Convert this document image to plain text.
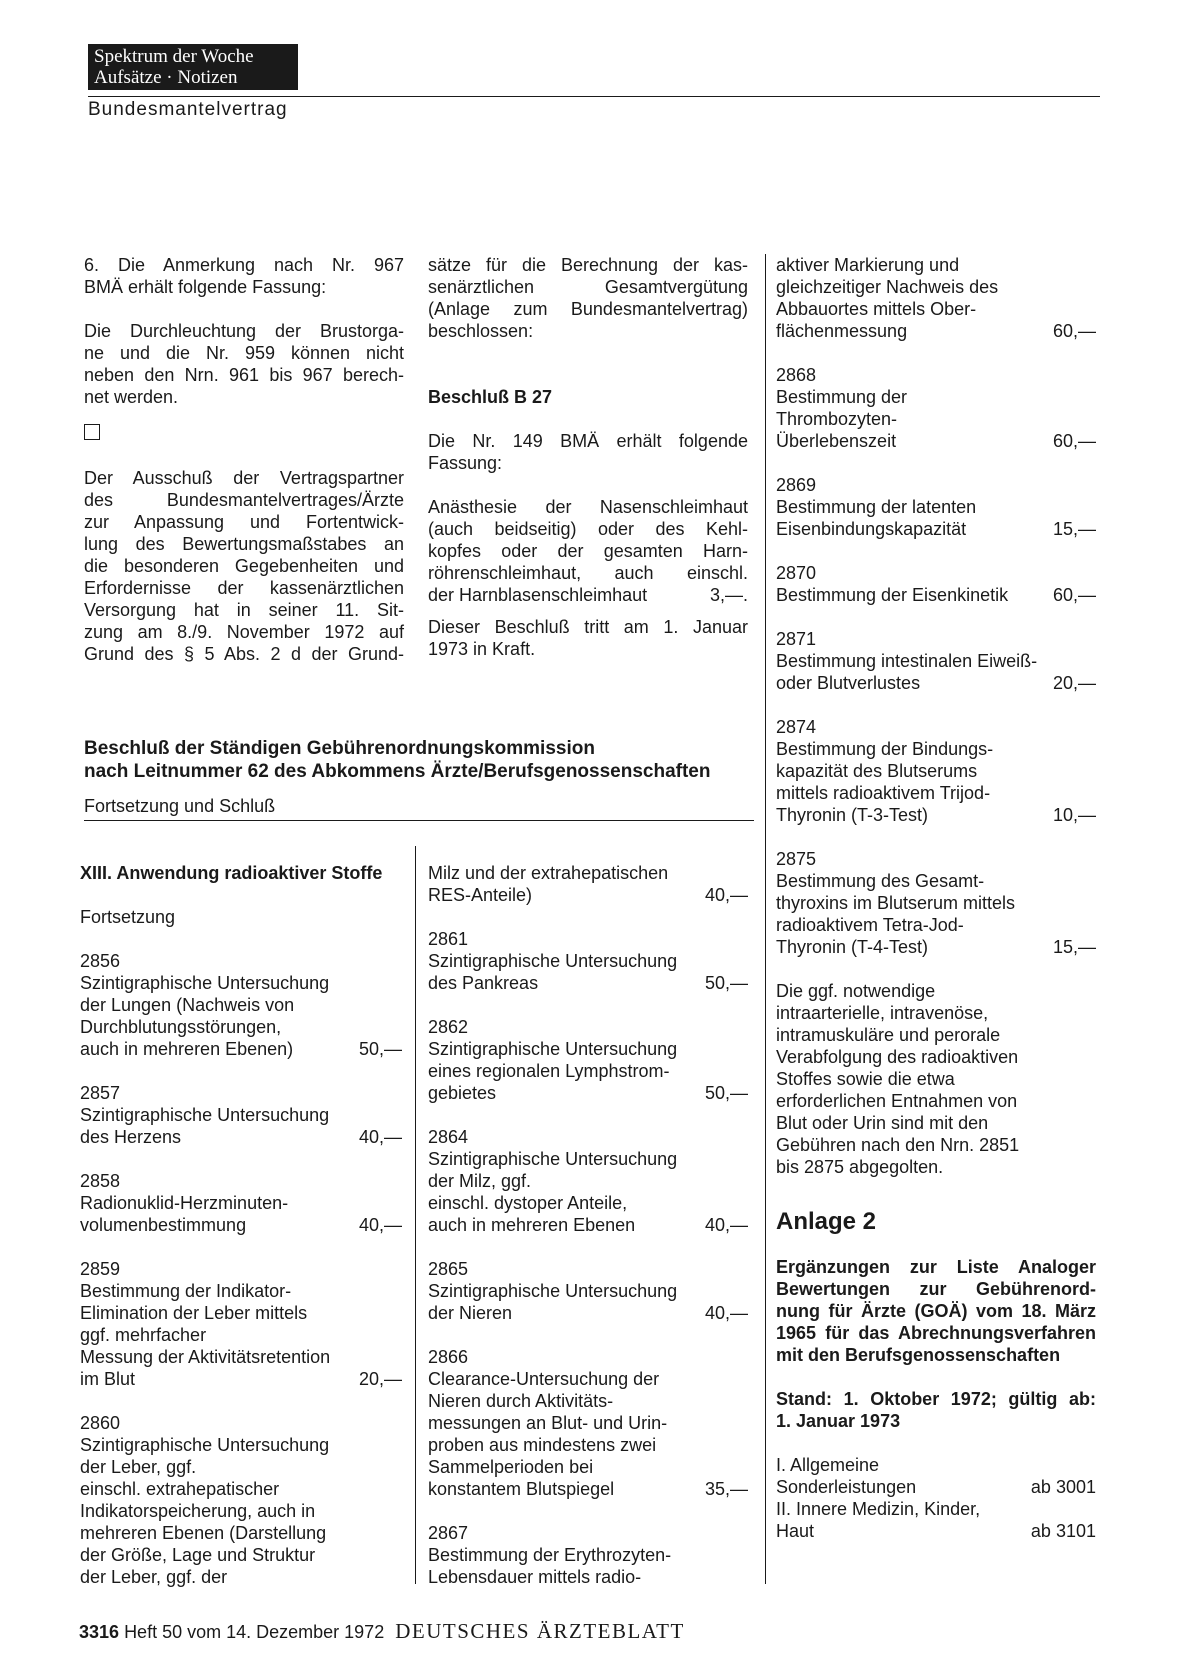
Spektrum der Woche
Aufsätze · Notizen
Bundesmantelvertrag

6. Die Anmerkung nach Nr. 967

BMÄ erhält folgende Fassung:

Die Durchleuchtung der Brustorga-

ne und die Nr. 959 können nicht

neben den Nrn. 961 bis 967 berech-

net werden.

Der Ausschuß der Vertragspartner

des Bundesmantelvertrages/Ärzte

zur Anpassung und Fortentwick-

lung des Bewertungsmaßstabes an

die besonderen Gegebenheiten und

Erfordernisse der kassenärztlichen

Versorgung hat in seiner 11. Sit-

zung am 8./9. November 1972 auf

Grund des § 5 Abs. 2 d der Grund-

sätze für die Berechnung der kas-

senärztlichen Gesamtvergütung

(Anlage zum Bundesmantelvertrag)

beschlossen:

Beschluß B 27

Die Nr. 149 BMÄ erhält folgende

Fassung:

Anästhesie der Nasenschleimhaut

(auch beidseitig) oder des Kehl-

kopfes oder der gesamten Harn-

röhrenschleimhaut, auch einschl.

der Harnblasenschleimhaut	3,—.

Dieser Beschluß tritt am 1. Januar

1973 in Kraft.

aktiver Markierung und

gleichzeitiger Nachweis des

Abbauortes mittels Ober-

flächenmessung	60,—

2868

Bestimmung der

Thrombozyten-

Überlebenszeit	60,—

2869

Bestimmung der latenten

Eisenbindungskapazität	15,—

2870

Bestimmung der Eisenkinetik 60,—

2871

Bestimmung intestinalen Eiweiß-

oder Blutverlustes	20,—

2874

Bestimmung der Bindungs-

kapazität des Blutserums

mittels radioaktivem Trijod-

Thyronin (T-3-Test)	10,—

2875

Bestimmung des Gesamt-

thyroxins im Blutserum mittels

radioaktivem Tetra-Jod-

Thyronin (T-4-Test)	15,—

Die ggf. notwendige

intraarterielle, intravenöse,

intramuskuläre und perorale

Verabfolgung des radioaktiven

Stoffes sowie die etwa

erforderlichen Entnahmen von

Blut oder Urin sind mit den

Gebühren nach den Nrn. 2851

bis 2875 abgegolten.

Anlage 2

Ergänzungen zur Liste Analoger

Bewertungen zur Gebührenord-

nung für Ärzte (GOÄ) vom 18. März

1965 für das Abrechnungsverfahren

mit den Berufsgenossenschaften

Stand: 1. Oktober 1972; gültig ab:

1. Januar 1973

I. Allgemeine

Sonderleistungen	ab 3001

II. Innere Medizin, Kinder,

Haut	ab 3101
Beschluß der Ständigen Gebührenordnungskommission
nach Leitnummer 62 des Abkommens Ärzte/Berufsgenossenschaften

Fortsetzung und Schluß

XIII. Anwendung radioaktiver Stoffe

Fortsetzung

2856

Szintigraphische Untersuchung

der Lungen (Nachweis von

Durchblutungsstörungen,

auch in mehreren Ebenen)	50,—

2857

Szintigraphische Untersuchung

des Herzens	40,—

2858

Radionuklid-Herzminuten-

volumenbestimmung	40,—

2859

Bestimmung der Indikator-

Elimination der Leber mittels

ggf. mehrfacher

Messung der Aktivitätsretention

im Blut	20,—

2860

Szintigraphische Untersuchung

der Leber, ggf.

einschl. extrahepatischer

Indikatorspeicherung, auch in

mehreren Ebenen (Darstellung

der Größe, Lage und Struktur

der Leber, ggf. der

Milz und der extrahepatischen

RES-Anteile)	40,—

2861

Szintigraphische Untersuchung

des Pankreas	50,—

2862

Szintigraphische Untersuchung

eines regionalen Lymphstrom-

gebietes	50,—

2864

Szintigraphische Untersuchung

der Milz, ggf.

einschl. dystoper Anteile,

auch in mehreren Ebenen	40,—

2865

Szintigraphische Untersuchung

der Nieren	40,—

2866

Clearance-Untersuchung der

Nieren durch Aktivitäts-

messungen an Blut- und Urin-

proben aus mindestens zwei

Sammelperioden bei

konstantem Blutspiegel	35,—

2867

Bestimmung der Erythrozyten-

Lebensdauer mittels radio-

3316 Heft 50 vom 14. Dezember 1972 DEUTSCHES ÄRZTEBLATT
